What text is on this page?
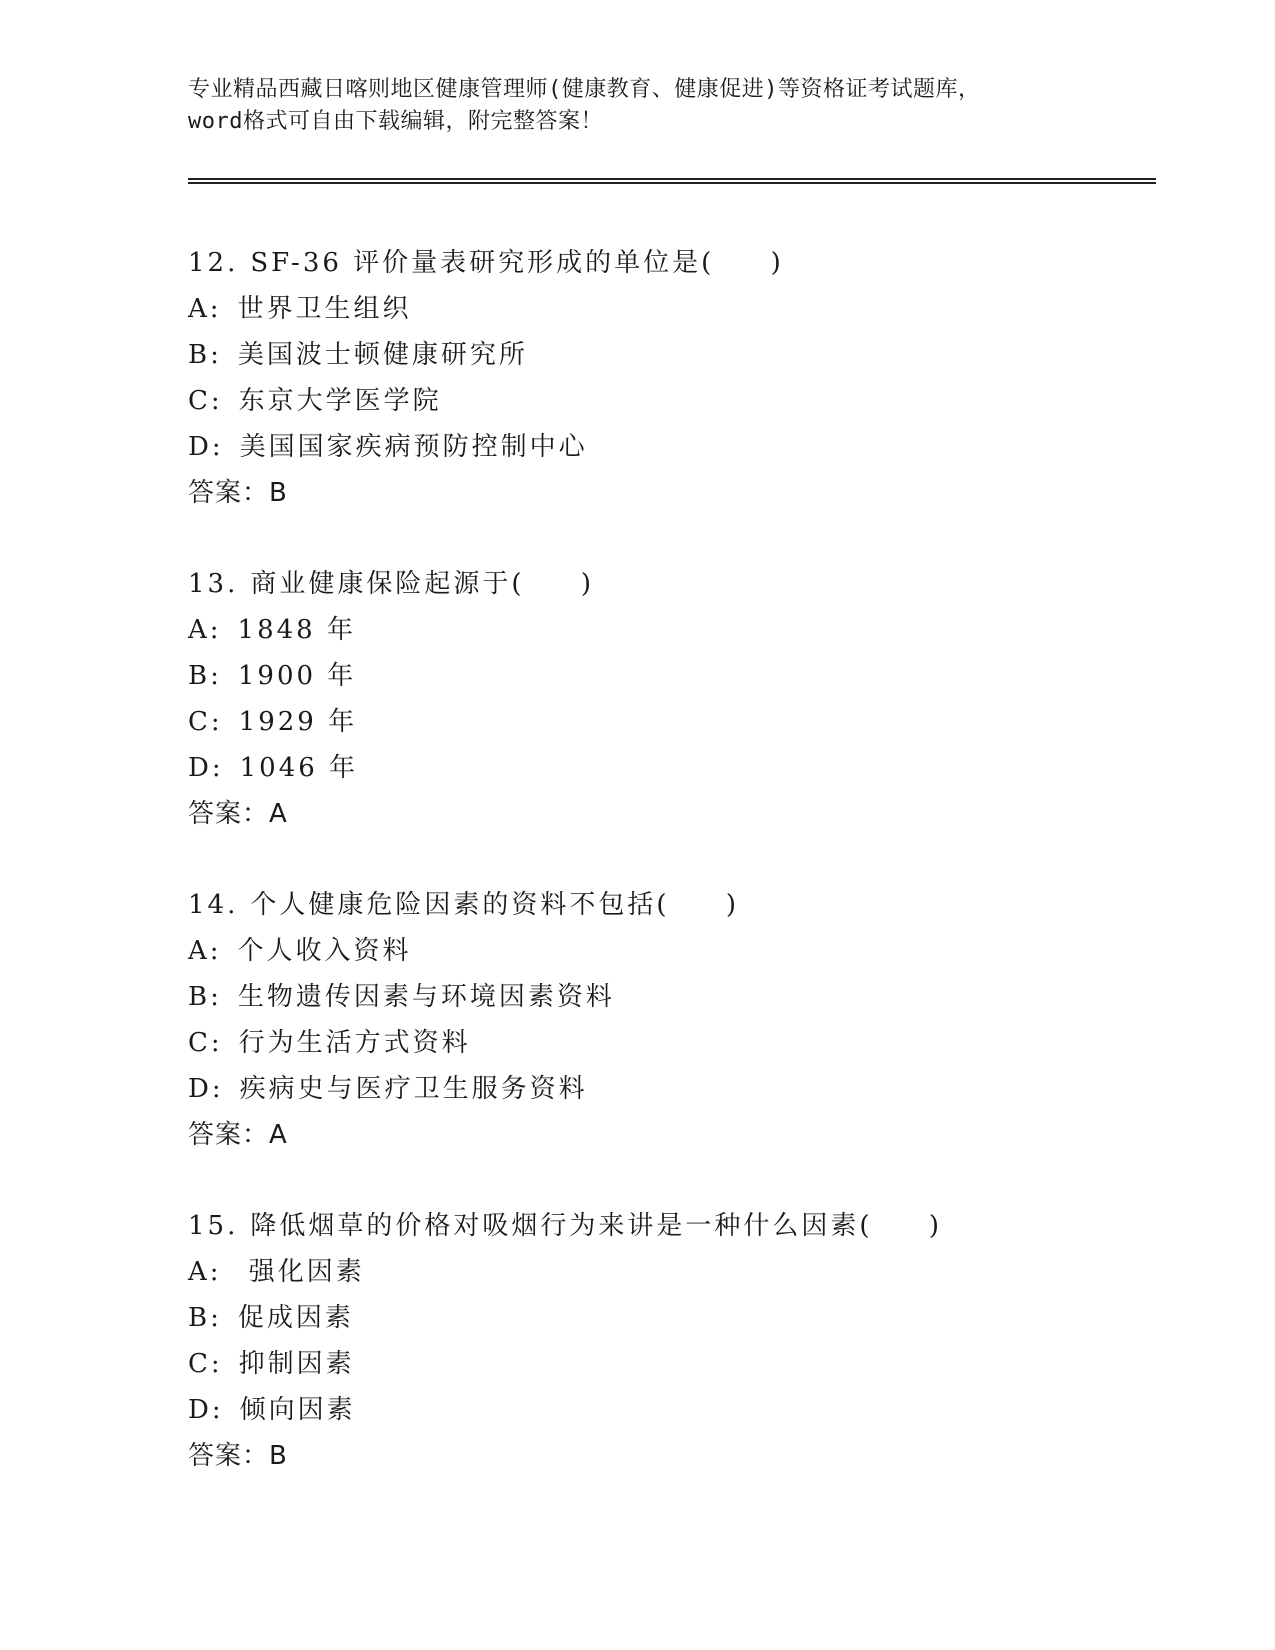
专业精品西藏日喀则地区健康管理师(健康教育、健康促进)等资格证考试题库，
word格式可自由下载编辑，附完整答案！
12. SF-36 评价量表研究形成的单位是(     )
A: 世界卫生组织
B: 美国波士顿健康研究所
C: 东京大学医学院
D: 美国国家疾病预防控制中心
答案：B
13. 商业健康保险起源于(     )
A: 1848 年
B: 1900 年
C: 1929 年
D: 1046 年
答案：A
14. 个人健康危险因素的资料不包括(     )
A: 个人收入资料
B: 生物遗传因素与环境因素资料
C: 行为生活方式资料
D: 疾病史与医疗卫生服务资料
答案：A
15. 降低烟草的价格对吸烟行为来讲是一种什么因素(     )
A: 强化因素
B: 促成因素
C: 抑制因素
D: 倾向因素
答案：B
